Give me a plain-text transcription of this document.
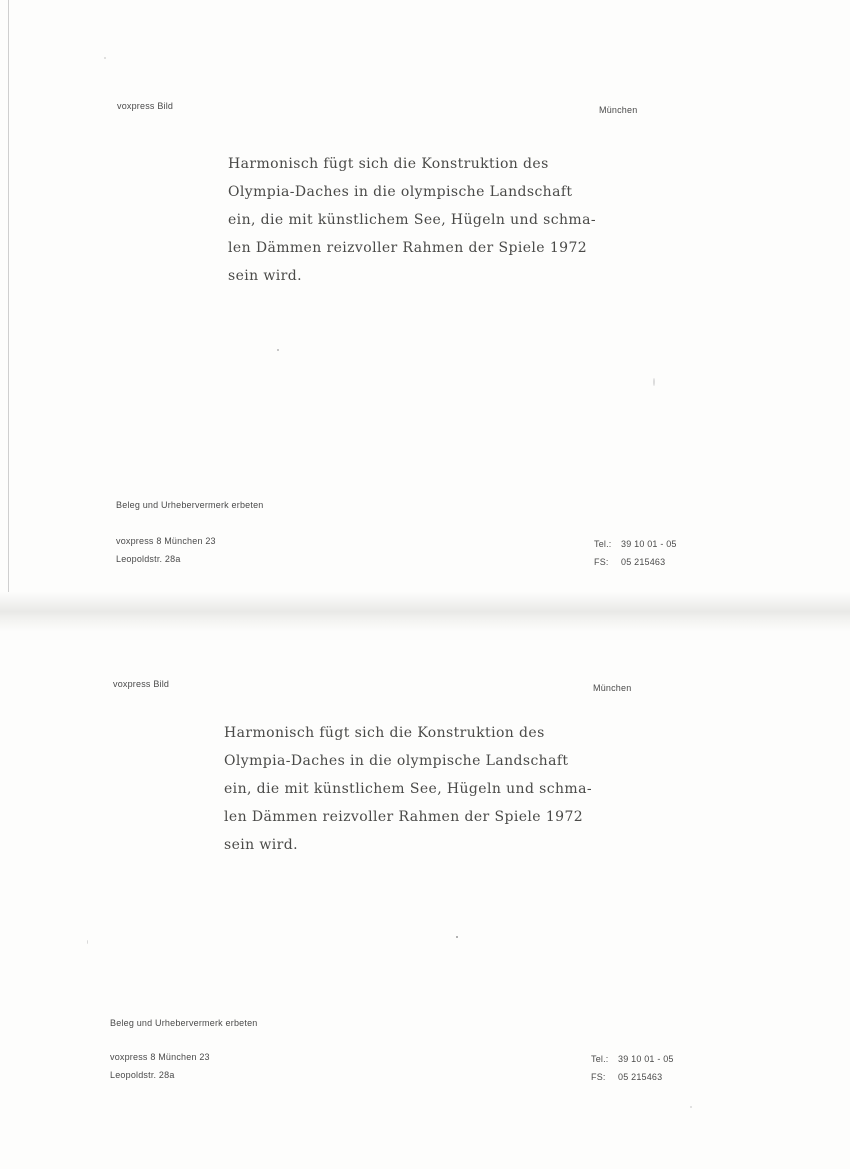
voxpress Bild	München
Harmonisch fügt sich die Konstruktion des
Olympia-Daches in die olympische Landschaft
ein, die mit künstlichem See, Hügeln und schma-
len Dämmen reizvoller Rahmen der Spiele 1972
sein wird.
Beleg und Urhebervermerk erbeten
voxpress 8 München 23
Leopoldstr. 28a
Tel.: 39 10 01 - 05
FS: 05 215463
voxpress Bild	München
Harmonisch fügt sich die Konstruktion des
Olympia-Daches in die olympische Landschaft
ein, die mit künstlichem See, Hügeln und schma-
len Dämmen reizvoller Rahmen der Spiele 1972
sein wird.
Beleg und Urhebervermerk erbeten
voxpress 8 München 23
Leopoldstr. 28a
Tel.: 39 10 01 - 05
FS: 05 215463
